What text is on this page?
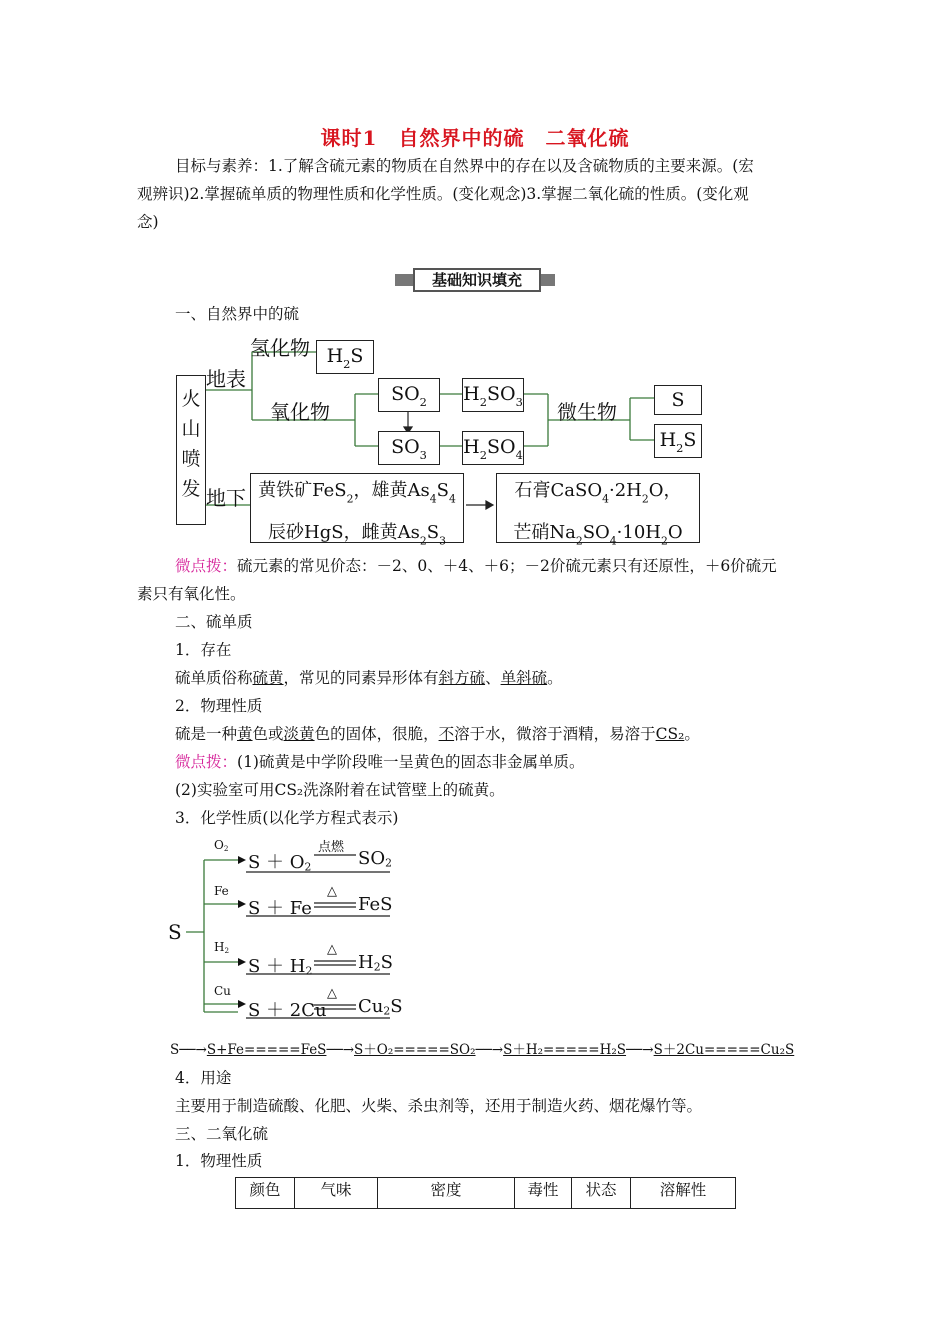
课时1　自然界中的硫　二氧化硫
目标与素养：1.了解含硫元素的物质在自然界中的存在以及含硫物质的主要来源。(宏
观辨识)2.掌握硫单质的物理性质和化学性质。(变化观念)3.掌握二氧化硫的性质。(变化观
念)
基础知识填充
一、自然界中的硫
火
山
喷
发
地表
地下
氢化物
氧化物	微生物
$H_2S$
$SO_2$
$SO_3$
$H_2SO_3$
$H_2SO_4$
S
$H_2S$
黄铁矿FeS$_2$，雄黄$As_4S_4$
辰砂HgS，雌黄$As_2S_3$
石膏$CaSO_4\cdot 2H_2O$，
芒硝$Na_2SO_4\cdot 10H_2O$
微点拨：硫元素的常见价态：－2、0、＋4、＋6；－2价硫元素只有还原性，＋6价硫元
素只有氧化性。
二、硫单质
1．存在
硫单质俗称硫黄，常见的同素异形体有斜方硫、单斜硫。
2．物理性质
硫是一种黄色或淡黄色的固体，很脆，不溶于水，微溶于酒精，易溶于CS₂。
微点拨：(1)硫黄是中学阶段唯一呈黄色的固态非金属单质。
(2)实验室可用CS₂洗涤附着在试管壁上的硫黄。
3．化学性质(以化学方程式表示)
S
$O_2$
$S + O_2$
点燃
$SO_2$
Fe
S ＋ Fe
△
FeS
$H_2$
$S + H_2$
△
$H_2S$
Cu
S ＋ 2Cu
△
$Cu_2S$
S──→S+Fe=====FeS──→S＋O₂=====SO₂──→S＋H₂=====H₂S──→S＋2Cu=====Cu₂S
4．用途
主要用于制造硫酸、化肥、火柴、杀虫剂等，还用于制造火药、烟花爆竹等。
三、二氧化硫
1．物理性质
颜色	气味	密度	毒性	状态	溶解性
